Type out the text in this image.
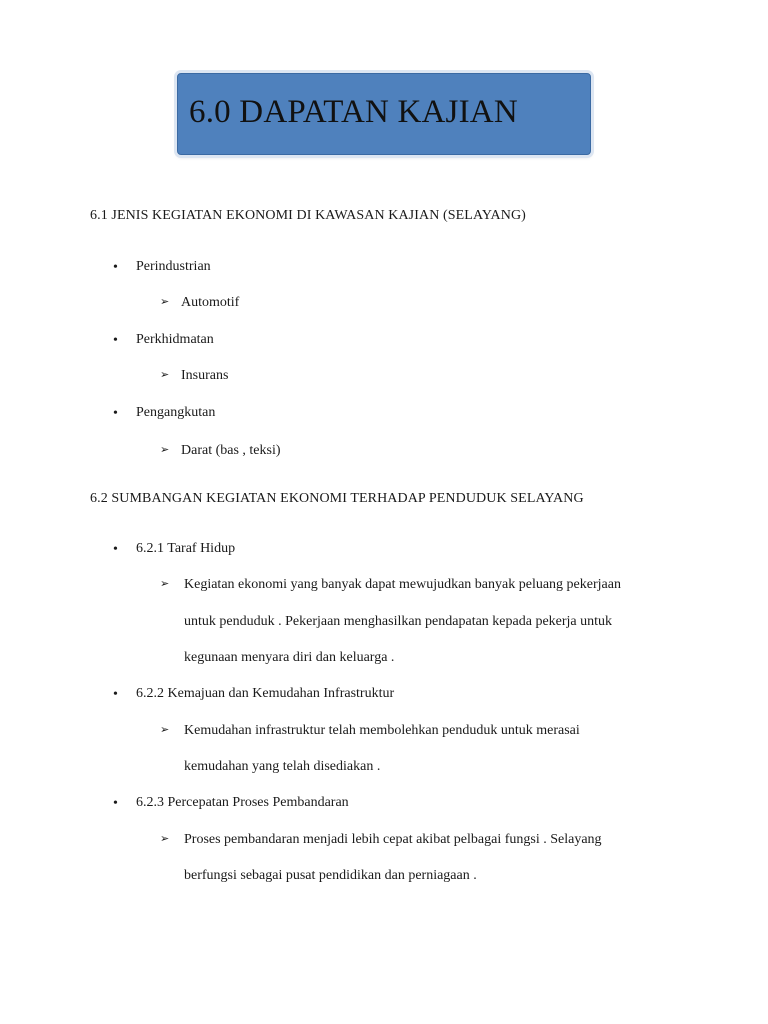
6.0 DAPATAN KAJIAN
6.1 JENIS KEGIATAN EKONOMI DI KAWASAN KAJIAN (SELAYANG)
• Perindustrian
➢ Automotif
• Perkhidmatan
➢ Insurans
• Pengangkutan
➢ Darat (bas , teksi)
6.2 SUMBANGAN KEGIATAN EKONOMI TERHADAP PENDUDUK SELAYANG
• 6.2.1 Taraf Hidup
➢ Kegiatan ekonomi yang banyak dapat mewujudkan banyak peluang pekerjaan
untuk penduduk . Pekerjaan menghasilkan pendapatan kepada pekerja untuk
kegunaan menyara diri dan keluarga .
• 6.2.2 Kemajuan dan Kemudahan Infrastruktur
➢ Kemudahan infrastruktur telah membolehkan penduduk untuk merasai
kemudahan yang telah disediakan .
• 6.2.3 Percepatan Proses Pembandaran
➢ Proses pembandaran menjadi lebih cepat akibat pelbagai fungsi . Selayang
berfungsi sebagai pusat pendidikan dan perniagaan .
